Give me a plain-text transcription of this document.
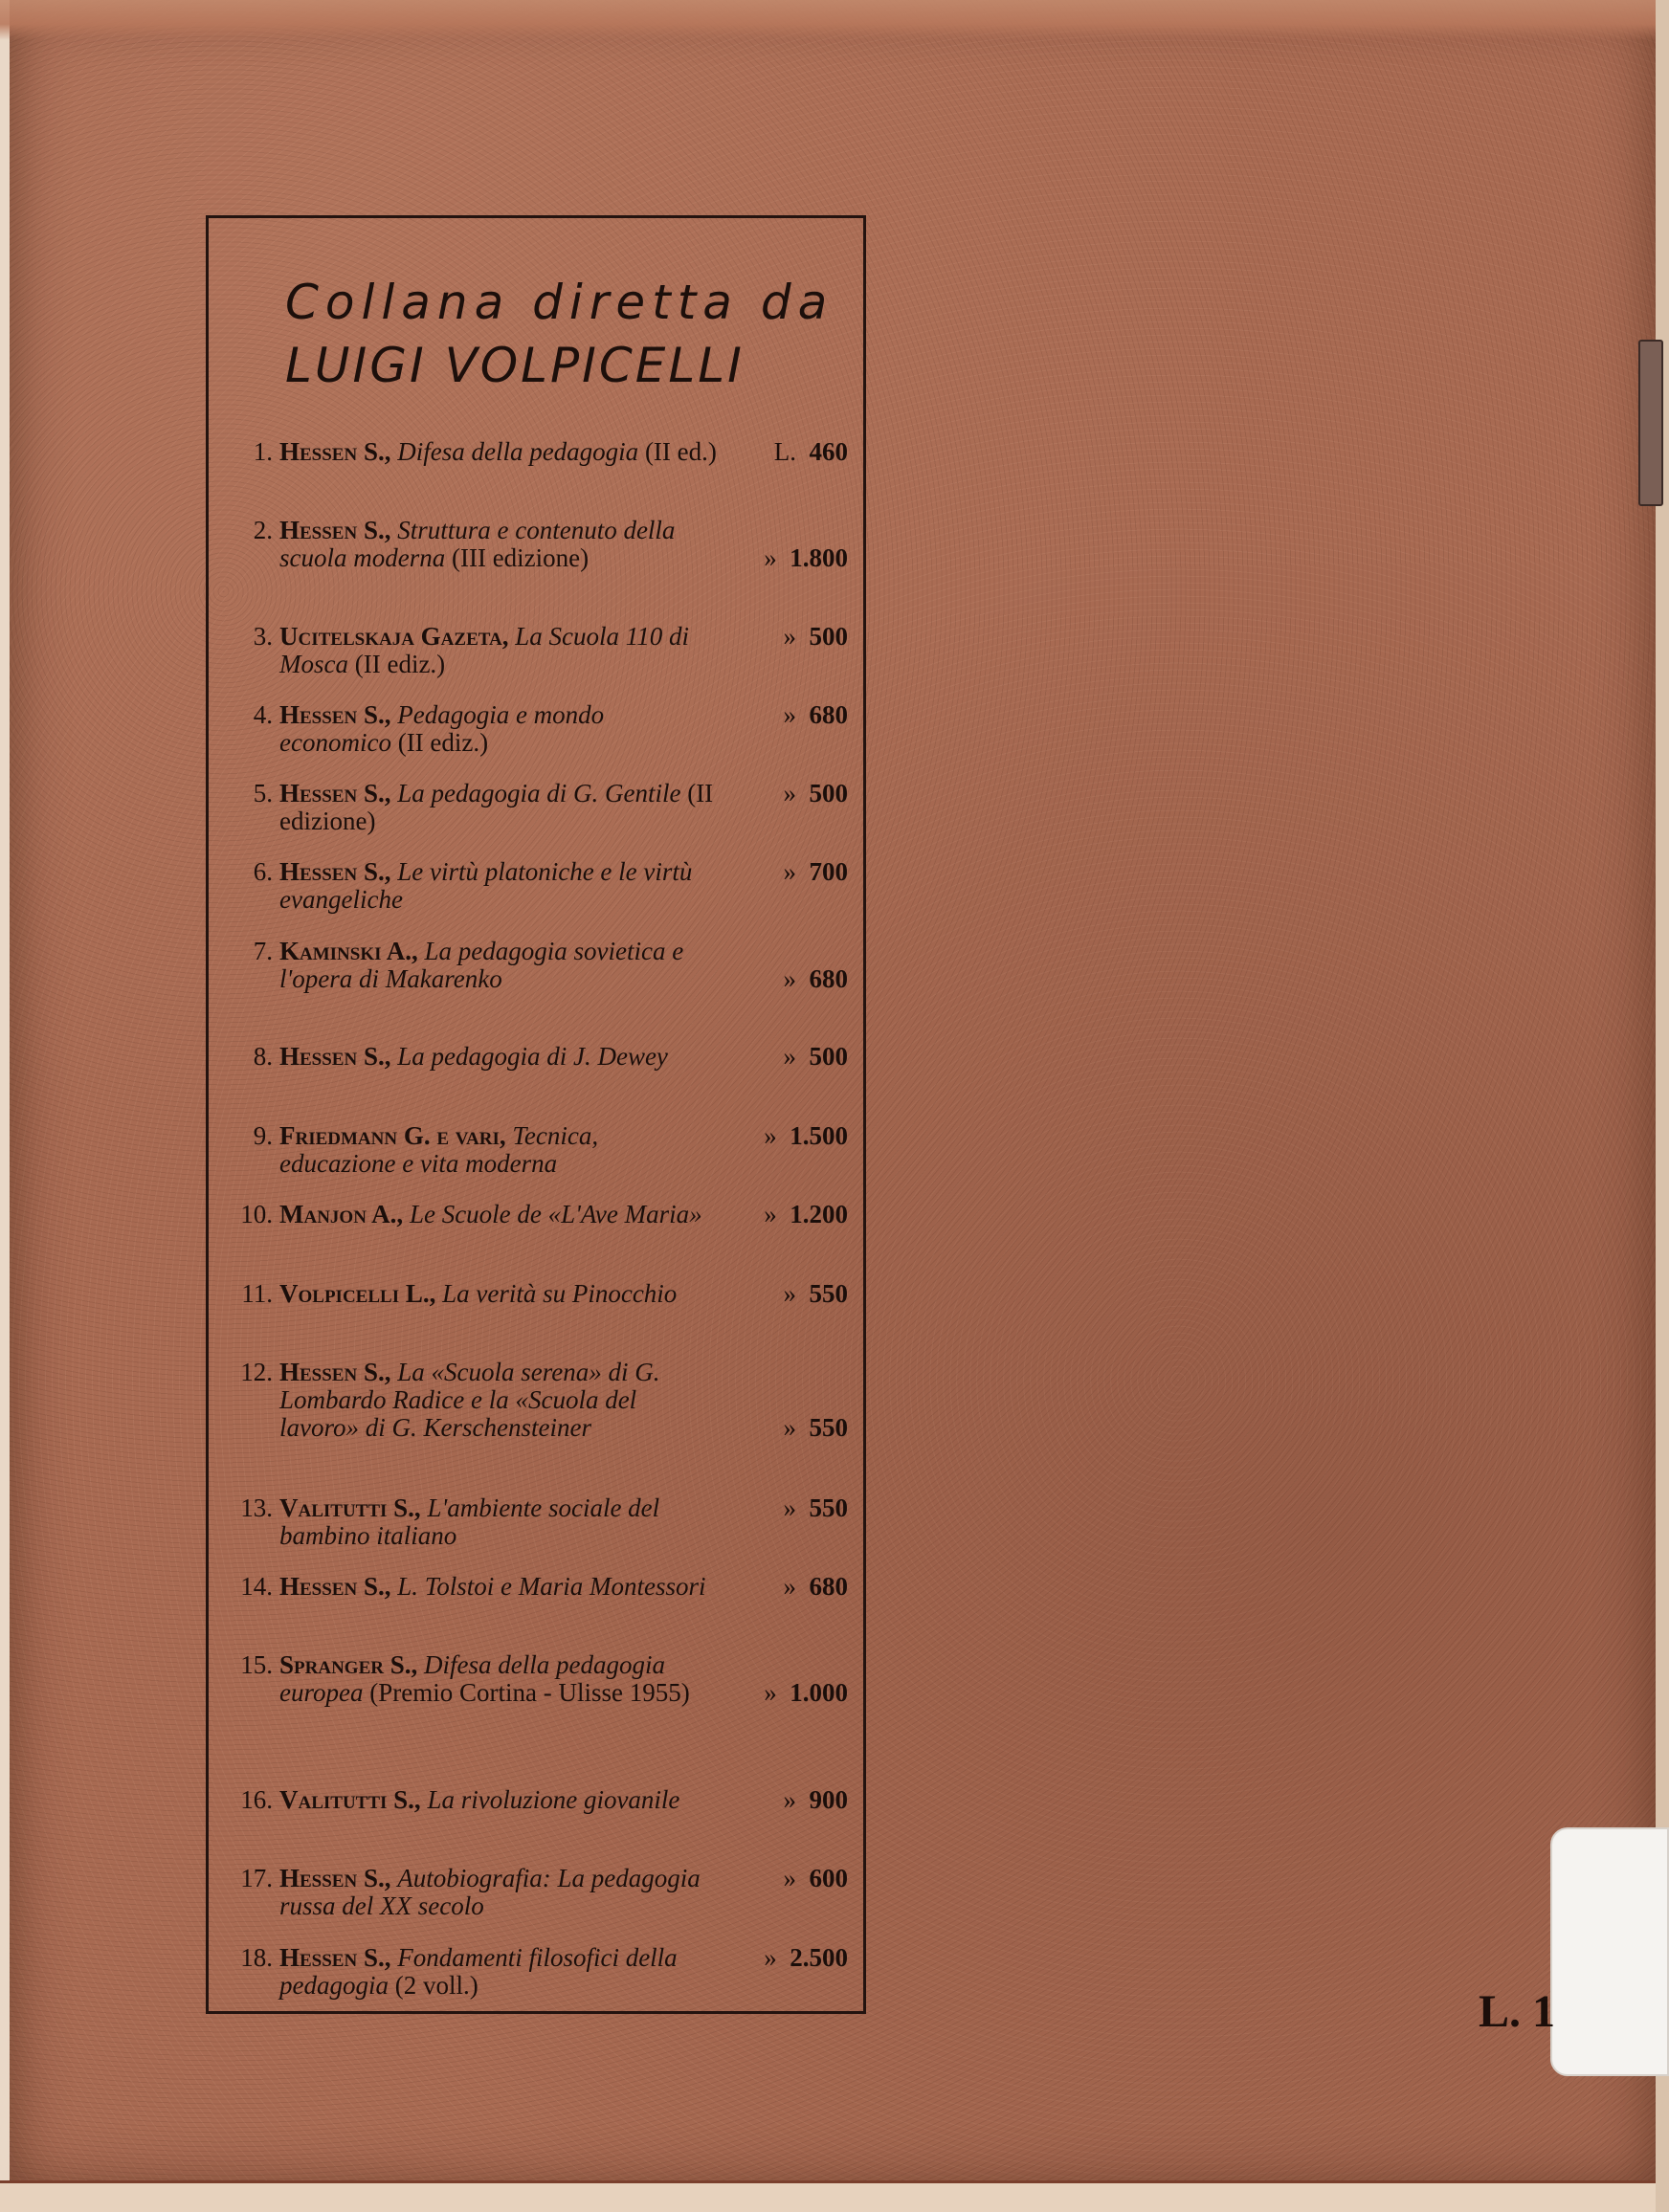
Collana diretta da
LUIGI VOLPICELLI
1. Hessen S., Difesa della pedagogia (II ed.)	L. 460
2. Hessen S., Struttura e contenuto della scuola moderna (III edizione)	» 1.800
3. Ucitelskaja Gazeta, La Scuola 110 di Mosca (II ediz.)
» 500
4. Hessen S., Pedagogia e mondo economico (II ediz.)
» 680
5. Hessen S., La pedagogia di G. Gentile (II edizione)
» 500
6. Hessen S., Le virtù platoniche e le virtù evangeliche
» 700
7. Kaminski A., La pedagogia sovietica e l'opera di Makarenko	» 680
8. Hessen S., La pedagogia di J. Dewey	» 500
9. Friedmann G. e vari, Tecnica, educazione e vita moderna
» 1.500
10. Manjon A., Le Scuole de «L'Ave Maria»	» 1.200
11. Volpicelli L., La verità su Pinocchio	» 550
12. Hessen S., La «Scuola serena» di G. Lombardo Radice e la «Scuola del lavoro» di G. Kerschensteiner	» 550
13. Valitutti S., L'ambiente sociale del bambino italiano
» 550
14. Hessen S., L. Tolstoi e Maria Montessori	» 680
15. Spranger S., Difesa della pedagogia europea (Premio Cortina - Ulisse 1955)	» 1.000
16. Valitutti S., La rivoluzione giovanile	» 900
17. Hessen S., Autobiografia: La pedagogia russa del XX secolo
» 600
18. Hessen S., Fondamenti filosofici della pedagogia (2 voll.)
» 2.500
L. 1
